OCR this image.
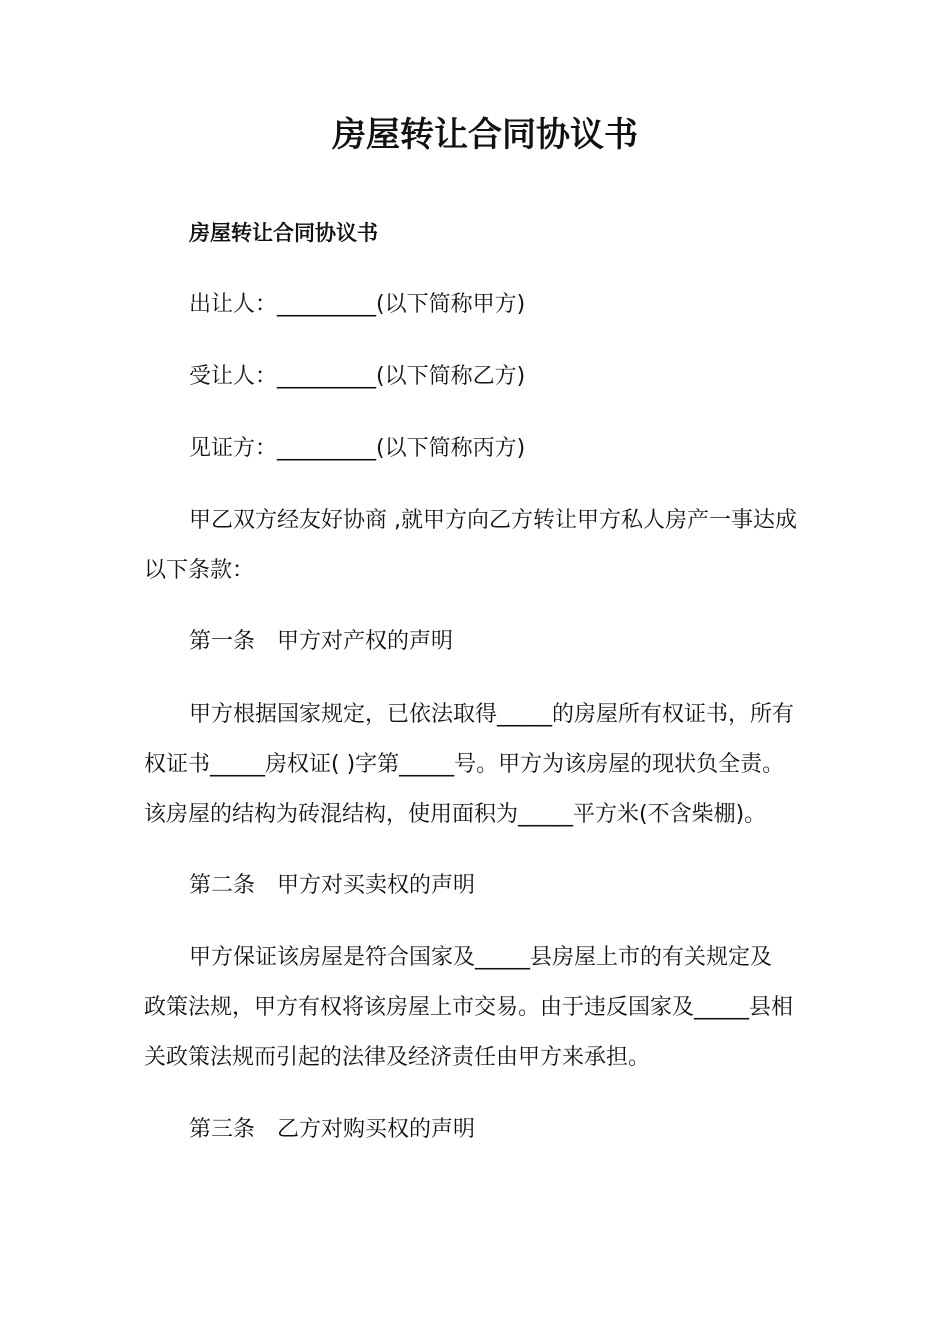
房屋转让合同协议书
房屋转让合同协议书
出让人：_________(以下简称甲方)
受让人：_________(以下简称乙方)
见证方：_________(以下简称丙方)
甲乙双方经友好协商 ,就甲方向乙方转让甲方私人房产一事达成
以下条款：
第一条　甲方对产权的声明
甲方根据国家规定，已依法取得_____的房屋所有权证书，所有
权证书_____房权证( )字第_____号。甲方为该房屋的现状负全责。
该房屋的结构为砖混结构，使用面积为_____平方米(不含柴棚)。
第二条　甲方对买卖权的声明
甲方保证该房屋是符合国家及_____县房屋上市的有关规定及
政策法规，甲方有权将该房屋上市交易。由于违反国家及_____县相
关政策法规而引起的法律及经济责任由甲方来承担。
第三条　乙方对购买权的声明
